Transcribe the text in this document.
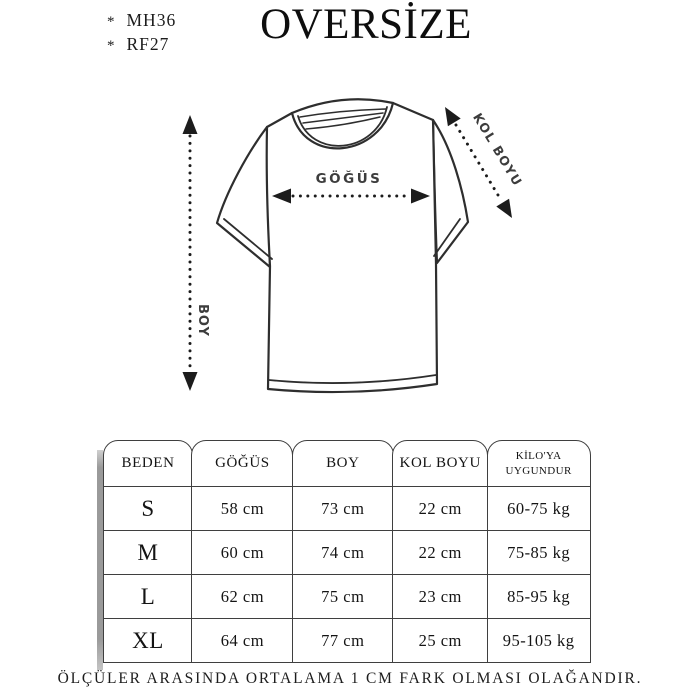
* MH36
* RF27	OVERSİZE
BOY
GÖĞÜS	KOL BOYU
BEDEN
S
M
L
XL
GÖĞÜS
58 cm
60 cm
62 cm
64 cm
BOY
73 cm
74 cm
75 cm
77 cm
KOL BOYU
22 cm
22 cm
23 cm
25 cm
KİLO'YA UYGUNDUR
60-75 kg
75-85 kg
85-95 kg
95-105 kg
ÖLÇÜLER ARASINDA ORTALAMA 1 CM FARK OLMASI OLAĞANDIR.
